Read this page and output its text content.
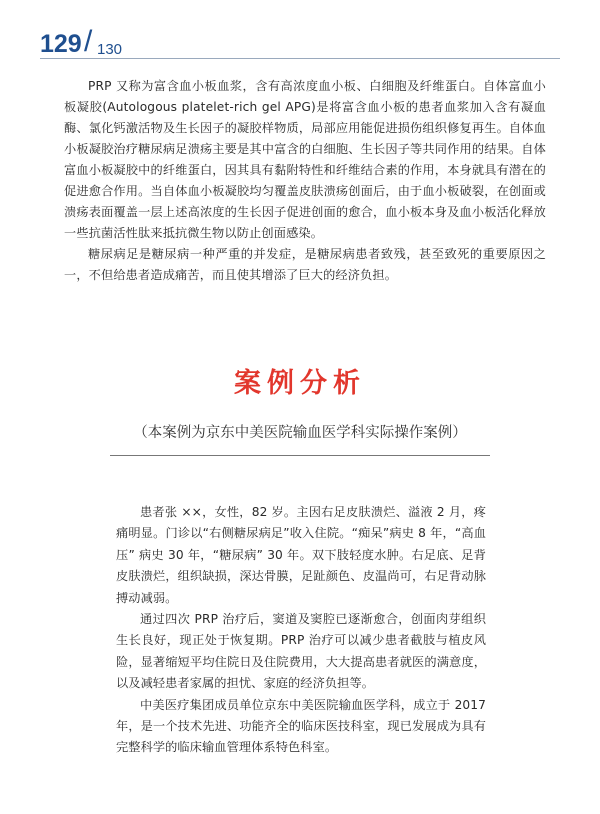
129 / 130

PRP 又称为富含血小板血浆，含有高浓度血小板、白细胞及纤维蛋白。自体富血小板凝胶(Autologous platelet-rich gel APG)是将富含血小板的患者血浆加入含有凝血酶、氯化钙激活物及生长因子的凝胶样物质，局部应用能促进损伤组织修复再生。自体血小板凝胶治疗糖尿病足溃疡主要是其中富含的白细胞、生长因子等共同作用的结果。自体富血小板凝胶中的纤维蛋白，因其具有黏附特性和纤维结合素的作用，本身就具有潜在的促进愈合作用。当自体血小板凝胶均匀覆盖皮肤溃疡创面后，由于血小板破裂，在创面或溃疡表面覆盖一层上述高浓度的生长因子促进创面的愈合，血小板本身及血小板活化释放一些抗菌活性肽来抵抗微生物以防止创面感染。

糖尿病足是糖尿病一种严重的并发症，是糖尿病患者致残，甚至致死的重要原因之一，不但给患者造成痛苦，而且使其增添了巨大的经济负担。

案例分析
（本案例为京东中美医院输血医学科实际操作案例）

患者张 ××，女性，82 岁。主因右足皮肤溃烂、溢液 2 月，疼痛明显。门诊以“右侧糖尿病足”收入住院。“痴呆”病史 8 年，“高血压” 病史 30 年，“糖尿病” 30 年。双下肢轻度水肿。右足底、足背皮肤溃烂，组织缺损，深达骨膜，足趾颜色、皮温尚可，右足背动脉搏动减弱。

通过四次 PRP 治疗后，窦道及窦腔已逐渐愈合，创面肉芽组织生长良好，现正处于恢复期。PRP 治疗可以减少患者截肢与植皮风险，显著缩短平均住院日及住院费用，大大提高患者就医的满意度，以及减轻患者家属的担忧、家庭的经济负担等。

中美医疗集团成员单位京东中美医院输血医学科，成立于 2017 年，是一个技术先进、功能齐全的临床医技科室，现已发展成为具有完整科学的临床输血管理体系特色科室。
